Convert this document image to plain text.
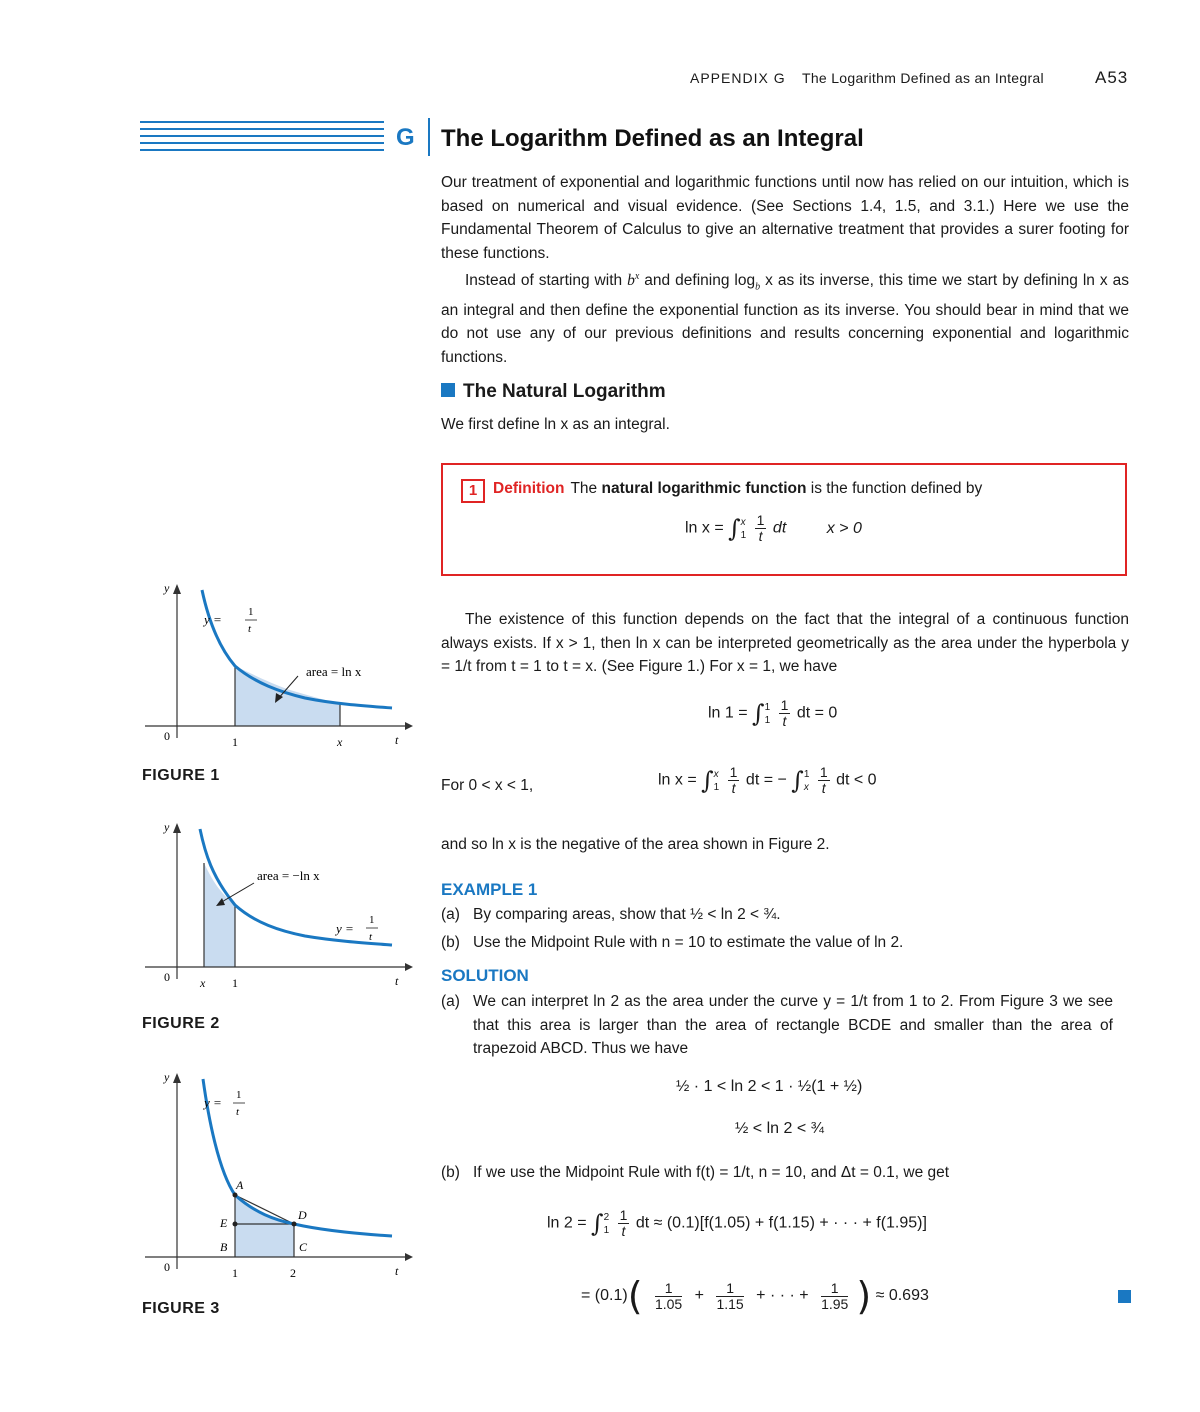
APPENDIX G The Logarithm Defined as an Integral	A53
G The Logarithm Defined as an Integral

Our treatment of exponential and logarithmic functions until now has relied on our intuition, which is based on numerical and visual evidence. (See Sections 1.4, 1.5, and 3.1.) Here we use the Fundamental Theorem of Calculus to give an alternative treatment that provides a surer footing for these functions.

Instead of starting with $b^x$ and defining $\log_b x$ as its inverse, this time we start by defining ln x as an integral and then define the exponential function as its inverse. You should bear in mind that we do not use any of our previous definitions and results concerning exponential and logarithmic functions.

The Natural Logarithm
We first define ln x as an integral.
1	Definition The natural logarithmic function is the function defined by
ln x = ∫ x
1
$\frac{1}{t}$ dt	x > 0
The existence of this function depends on the fact that the integral of a continuous function always exists. If x > 1, then ln x can be interpreted geometrically as the area under the hyperbola y = 1/t from t = 1 to t = x. (See Figure 1.) For x = 1, we have
ln 1 = ∫ 1
1
$\frac{1}{t}$ dt = 0
For 0 < x < 1,	ln x = ∫ x
1
$\frac{1}{t}$ dt = − ∫ 1
x
$\frac{1}{t}$ dt < 0
and so ln x is the negative of the area shown in Figure 2.
EXAMPLE 1
(a) By comparing areas, show that ½ < ln 2 < ¾.
(b) Use the Midpoint Rule with n = 10 to estimate the value of ln 2.
SOLUTION
(a) We can interpret ln 2 as the area under the curve y = 1/t from 1 to 2. From Figure 3 we see that this area is larger than the area of rectangle BCDE and smaller than the area of trapezoid ABCD. Thus we have
½ · 1 < ln 2 < 1 · ½(1 + ½)
½ < ln 2 < ¾
(b) If we use the Midpoint Rule with f(t) = 1/t, n = 10, and Δt = 0.1, we get
ln 2 = ∫ 2
1
$\frac{1}{t}$ dt ≈ (0.1)[f(1.05) + f(1.15) + · · · + f(1.95)]
= $(0.1)( \frac{1}{1.05} + \frac{1}{1.15}$ + · · · + $\frac{1}{1.95}$ ) ≈ 0.693
y
t
0	1	x
y = 1
t
area = ln x
FIGURE 1
y
t
0	x 1
area = −ln x
y =
1
t
FIGURE 2
y
t
0	1	2
y = 1
t
A
E
B	C
D
FIGURE 3
